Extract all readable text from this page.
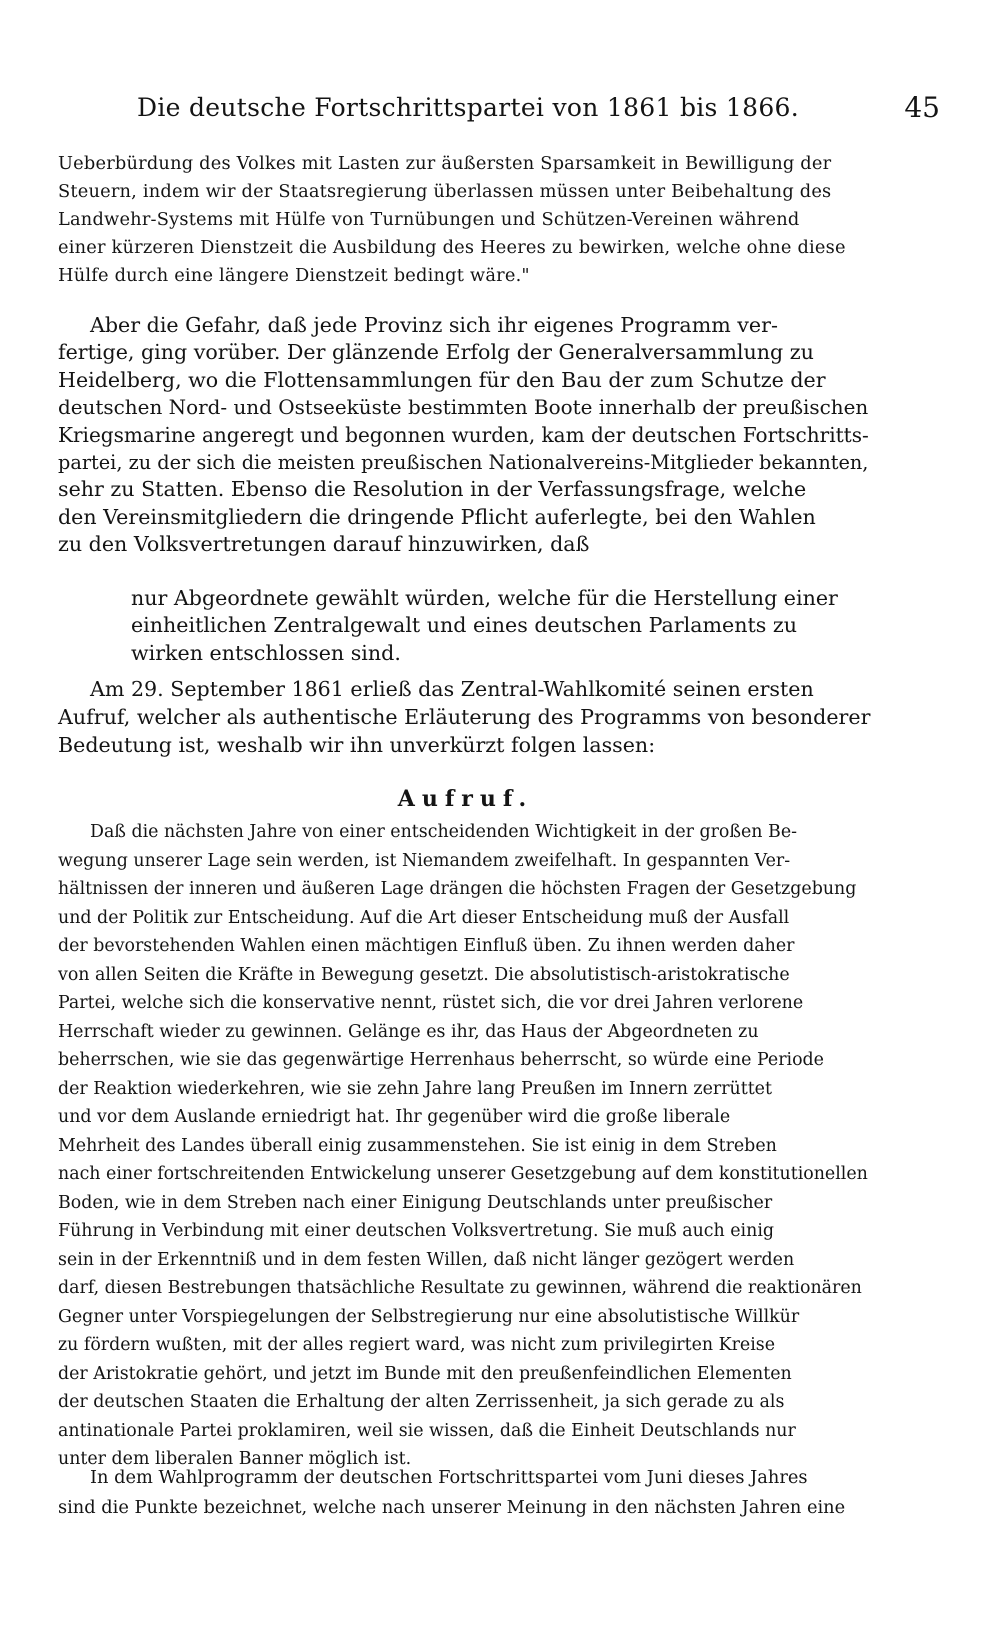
Die deutsche Fortschrittspartei von 1861 bis 1866.	45
Ueberbürdung des Volkes mit Lasten zur äußersten Sparsamkeit in Bewilligung der
Steuern, indem wir der Staatsregierung überlassen müssen unter Beibehaltung des
Landwehr-Systems mit Hülfe von Turnübungen und Schützen-Vereinen während
einer kürzeren Dienstzeit die Ausbildung des Heeres zu bewirken, welche ohne diese
Hülfe durch eine längere Dienstzeit bedingt wäre."
Aber die Gefahr, daß jede Provinz sich ihr eigenes Programm ver-
fertige, ging vorüber. Der glänzende Erfolg der Generalversammlung zu
Heidelberg, wo die Flottensammlungen für den Bau der zum Schutze der
deutschen Nord- und Ostseeküste bestimmten Boote innerhalb der preußischen
Kriegsmarine angeregt und begonnen wurden, kam der deutschen Fortschritts-
partei, zu der sich die meisten preußischen Nationalvereins-Mitglieder bekannten,
sehr zu Statten. Ebenso die Resolution in der Verfassungsfrage, welche
den Vereinsmitgliedern die dringende Pflicht auferlegte, bei den Wahlen
zu den Volksvertretungen darauf hinzuwirken, daß
nur Abgeordnete gewählt würden, welche für die Herstellung einer
einheitlichen Zentralgewalt und eines deutschen Parlaments zu
wirken entschlossen sind.
Am 29. September 1861 erließ das Zentral-Wahlkomité seinen ersten
Aufruf, welcher als authentische Erläuterung des Programms von besonderer
Bedeutung ist, weshalb wir ihn unverkürzt folgen lassen:
Aufruf.
Daß die nächsten Jahre von einer entscheidenden Wichtigkeit in der großen Be-
wegung unserer Lage sein werden, ist Niemandem zweifelhaft. In gespannten Ver-
hältnissen der inneren und äußeren Lage drängen die höchsten Fragen der Gesetzgebung
und der Politik zur Entscheidung. Auf die Art dieser Entscheidung muß der Ausfall
der bevorstehenden Wahlen einen mächtigen Einfluß üben. Zu ihnen werden daher
von allen Seiten die Kräfte in Bewegung gesetzt. Die absolutistisch-aristokratische
Partei, welche sich die konservative nennt, rüstet sich, die vor drei Jahren verlorene
Herrschaft wieder zu gewinnen. Gelänge es ihr, das Haus der Abgeordneten zu
beherrschen, wie sie das gegenwärtige Herrenhaus beherrscht, so würde eine Periode
der Reaktion wiederkehren, wie sie zehn Jahre lang Preußen im Innern zerrüttet
und vor dem Auslande erniedrigt hat. Ihr gegenüber wird die große liberale
Mehrheit des Landes überall einig zusammenstehen. Sie ist einig in dem Streben
nach einer fortschreitenden Entwickelung unserer Gesetzgebung auf dem konstitutionellen
Boden, wie in dem Streben nach einer Einigung Deutschlands unter preußischer
Führung in Verbindung mit einer deutschen Volksvertretung. Sie muß auch einig
sein in der Erkenntniß und in dem festen Willen, daß nicht länger gezögert werden
darf, diesen Bestrebungen thatsächliche Resultate zu gewinnen, während die reaktionären
Gegner unter Vorspiegelungen der Selbstregierung nur eine absolutistische Willkür
zu fördern wußten, mit der alles regiert ward, was nicht zum privilegirten Kreise
der Aristokratie gehört, und jetzt im Bunde mit den preußenfeindlichen Elementen
der deutschen Staaten die Erhaltung der alten Zerrissenheit, ja sich gerade zu als
antinationale Partei proklamiren, weil sie wissen, daß die Einheit Deutschlands nur
unter dem liberalen Banner möglich ist.
In dem Wahlprogramm der deutschen Fortschrittspartei vom Juni dieses Jahres
sind die Punkte bezeichnet, welche nach unserer Meinung in den nächsten Jahren eine
